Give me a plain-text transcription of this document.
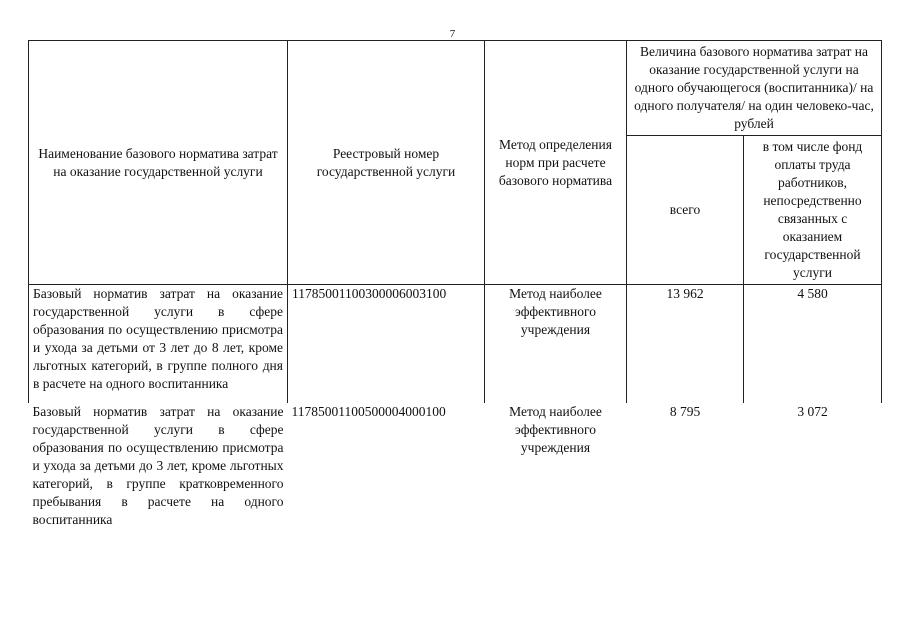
7
Наименование базового норматива затрат на оказание государственной услуги	Реестровый номер государственной услуги	Метод определения норм при расчете базового норматива	Величина базового норматива затрат на оказание государственной услуги на одного обучающегося (воспитанника)/ на одного получателя/ на один человеко-час, рублей	
			всего	в том числе фонд оплаты труда работников, непосредственно связанных с оказанием государственной услуги
Базовый норматив затрат на оказание государственной услуги в сфере образования по осуществлению присмотра и ухода за детьми от 3 лет до 8 лет, кроме льготных категорий, в группе полного дня в расчете на одного воспитанника	11785001100300006003100	Метод наиболее эффективного учреждения	13 962	4 580
Базовый норматив затрат на оказание государственной услуги в сфере образования по осуществлению присмотра и ухода за детьми до 3 лет, кроме льготных категорий, в группе кратковременного пребывания в расчете на одного воспитанника	11785001100500004000100	Метод наиболее эффективного учреждения	8 795	3 072
